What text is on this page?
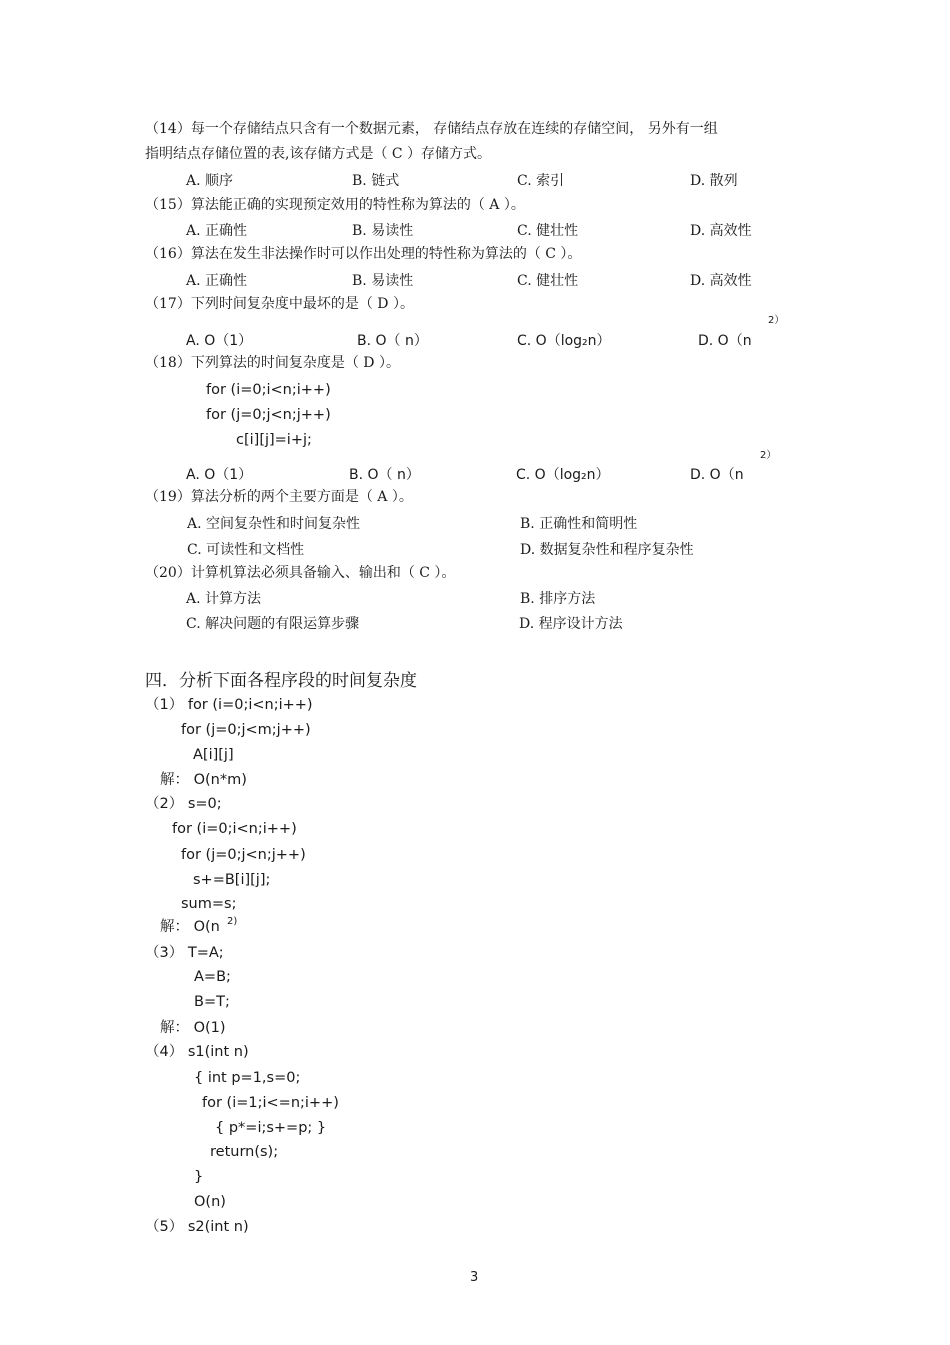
（14）每一个存储结点只含有一个数据元素， 存储结点存放在连续的存储空间， 另外有一组
指明结点存储位置的表,该存储方式是（ C ）存储方式。
A. 顺序	B. 链式	C. 索引	D. 散列
（15）算法能正确的实现预定效用的特性称为算法的（ A ）。
A. 正确性	B. 易读性	C. 健壮性	D. 高效性
（16）算法在发生非法操作时可以作出处理的特性称为算法的（ C ）。
A. 正确性	B. 易读性	C. 健壮性	D. 高效性
（17）下列时间复杂度中最坏的是（ D ）。
A. O（1）	B. O（ n）	C. O（log₂n）	D. O（n
2）
（18）下列算法的时间复杂度是（ D ）。
for (i=0;i<n;i++)
for (j=0;j<n;j++)
c[i][j]=i+j;
A. O（1）	B. O（ n）	C. O（log₂n）	D. O（n
2）
（19）算法分析的两个主要方面是（ A ）。
A. 空间复杂性和时间复杂性	B. 正确性和简明性
C. 可读性和文档性	D. 数据复杂性和程序复杂性
（20）计算机算法必须具备输入、输出和（ C ）。
A. 计算方法	B. 排序方法
C. 解决问题的有限运算步骤	D. 程序设计方法
四．分析下面各程序段的时间复杂度
（1） for (i=0;i<n;i++)
for (j=0;j<m;j++)
A[i][j]
解： O(n*m)
（2） s=0;
for (i=0;i<n;i++)
for (j=0;j<n;j++)
s+=B[i][j];
sum=s;
解： O(n 2)
（3） T=A;
A=B;
B=T;
解： O(1)
（4） s1(int n)
{ int p=1,s=0;
for (i=1;i<=n;i++)
{ p*=i;s+=p; }
return(s);
}
O(n)
（5） s2(int n)
3
